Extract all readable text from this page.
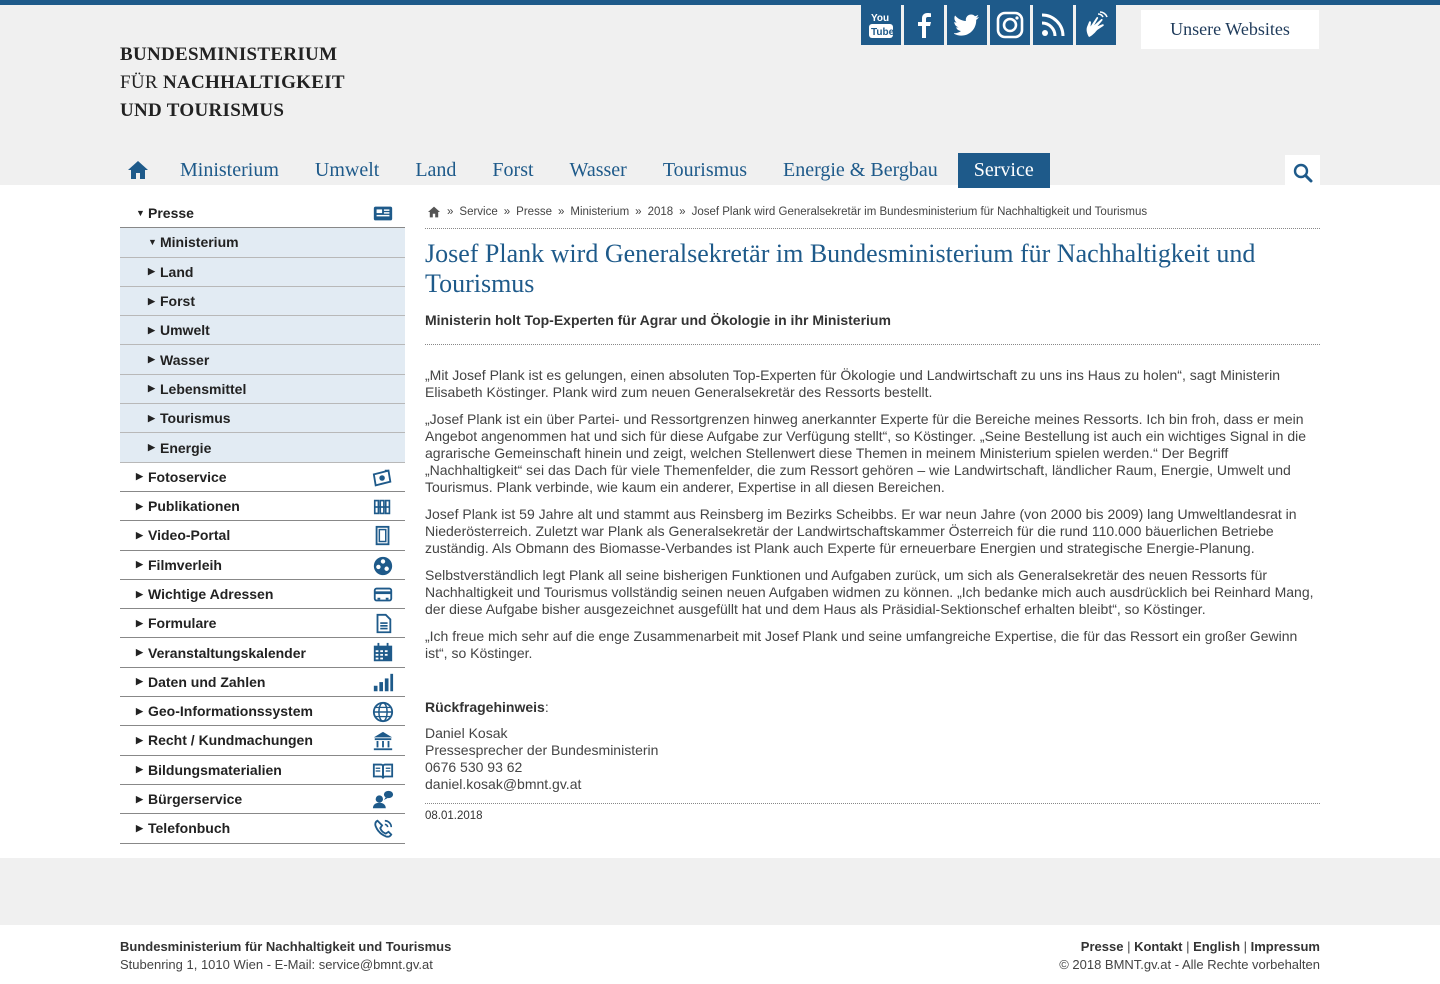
BUNDESMINISTERIUM
FÜR NACHHALTIGKEIT
UND TOURISMUS
You
Tube	Unsere Websites
Ministerium	Umwelt	Land	Forst	Wasser	Tourismus	Energie & Bergbau	Service
▼ Presse
▼ Ministerium
▶ Land
▶ Forst
▶ Umwelt
▶ Wasser
▶ Lebensmittel
▶ Tourismus
▶ Energie
▶ Fotoservice
▶ Publikationen
▶ Video-Portal
▶ Filmverleih
▶ Wichtige Adressen
▶ Formulare
▶ Veranstaltungskalender
▶ Daten und Zahlen
▶ Geo-Informationssystem
▶ Recht / Kundmachungen
▶ Bildungsmaterialien
▶ Bürgerservice
▶ Telefonbuch
» Service » Presse » Ministerium » 2018 » Josef Plank wird Generalsekretär im Bundesministerium für Nachhaltigkeit und Tourismus
Josef Plank wird Generalsekretär im Bundesministerium für Nachhaltigkeit und Tourismus
Ministerin holt Top-Experten für Agrar und Ökologie in ihr Ministerium

„Mit Josef Plank ist es gelungen, einen absoluten Top-Experten für Ökologie und Landwirtschaft zu uns ins Haus zu holen“, sagt Ministerin Elisabeth Köstinger. Plank wird zum neuen Generalsekretär des Ressorts bestellt.

„Josef Plank ist ein über Partei- und Ressortgrenzen hinweg anerkannter Experte für die Bereiche meines Ressorts. Ich bin froh, dass er mein Angebot angenommen hat und sich für diese Aufgabe zur Verfügung stellt“, so Köstinger. „Seine Bestellung ist auch ein wichtiges Signal in die agrarische Gemeinschaft hinein und zeigt, welchen Stellenwert diese Themen in meinem Ministerium spielen werden.“ Der Begriff „Nachhaltigkeit“ sei das Dach für viele Themenfelder, die zum Ressort gehören – wie Landwirtschaft, ländlicher Raum, Energie, Umwelt und Tourismus. Plank verbinde, wie kaum ein anderer, Expertise in all diesen Bereichen.

Josef Plank ist 59 Jahre alt und stammt aus Reinsberg im Bezirks Scheibbs. Er war neun Jahre (von 2000 bis 2009) lang Umweltlandesrat in Niederösterreich. Zuletzt war Plank als Generalsekretär der Landwirtschaftskammer Österreich für die rund 110.000 bäuerlichen Betriebe zuständig. Als Obmann des Biomasse-Verbandes ist Plank auch Experte für erneuerbare Energien und strategische Energie-Planung.

Selbstverständlich legt Plank all seine bisherigen Funktionen und Aufgaben zurück, um sich als Generalsekretär des neuen Ressorts für Nachhaltigkeit und Tourismus vollständig seinen neuen Aufgaben widmen zu können. „Ich bedanke mich auch ausdrücklich bei Reinhard Mang, der diese Aufgabe bisher ausgezeichnet ausgefüllt hat und dem Haus als Präsidial-Sektionschef erhalten bleibt“, so Köstinger.

„Ich freue mich sehr auf die enge Zusammenarbeit mit Josef Plank und seine umfangreiche Expertise, die für das Ressort ein großer Gewinn ist“, so Köstinger.

Rückfragehinweis:
Daniel Kosak
Pressesprecher der Bundesministerin
0676 530 93 62
daniel.kosak@bmnt.gv.at
08.01.2018
Bundesministerium für Nachhaltigkeit und Tourismus
Stubenring 1, 1010 Wien - E-Mail: service@bmnt.gv.at
Presse | Kontakt | English | Impressum
© 2018 BMNT.gv.at - Alle Rechte vorbehalten
